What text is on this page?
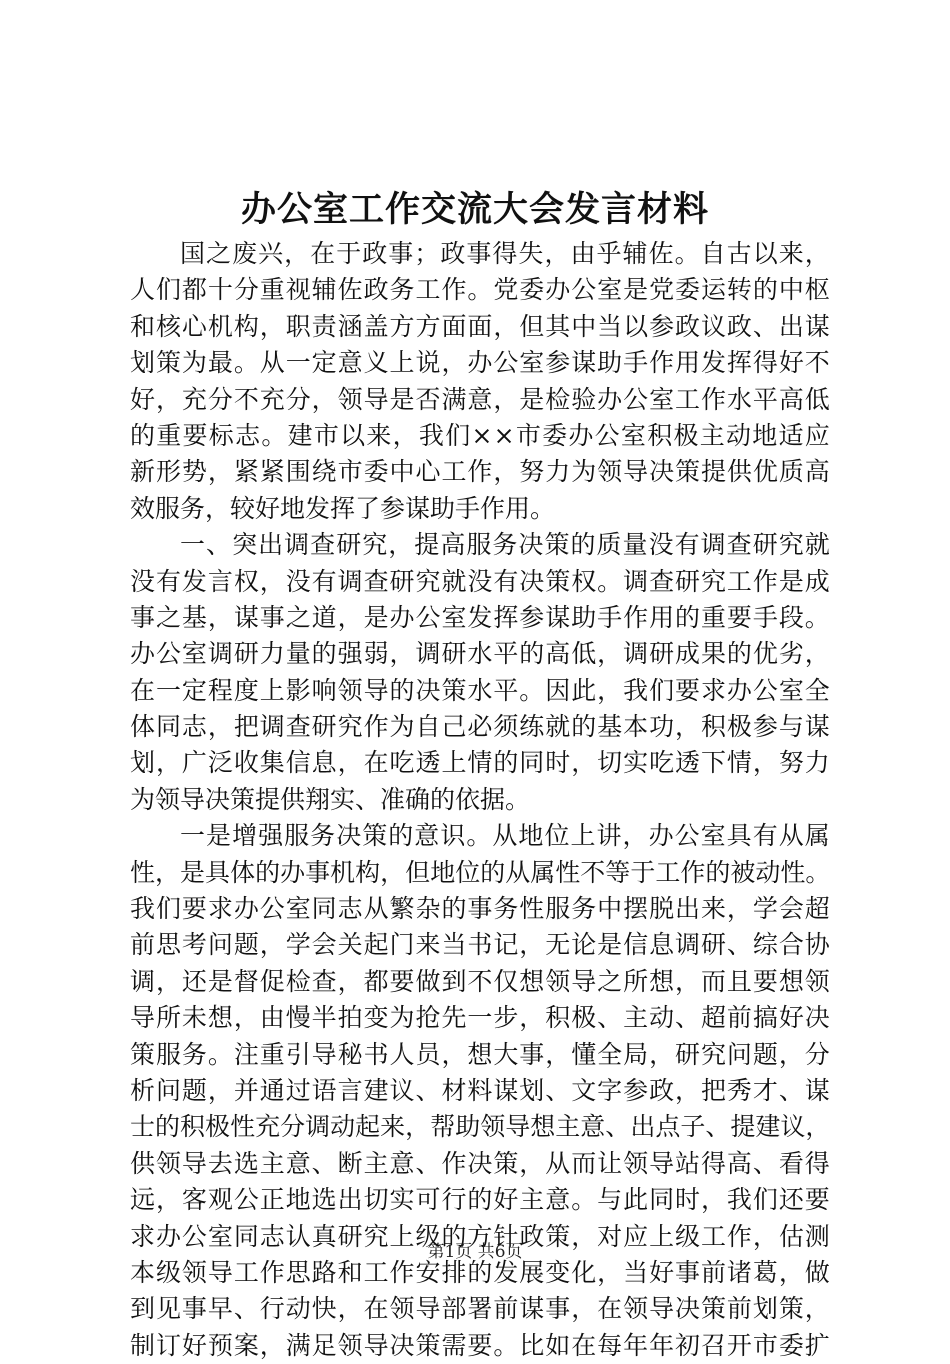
办公室工作交流大会发言材料
国 之 废 兴 ， 在 于 政 事 ； 政 事 得 失 ， 由 乎 辅 佐 。 自 古 以 来 ，
人 们 都 十 分 重 视 辅 佐 政 务 工 作 。 党 委 办 公 室 是 党 委 运 转 的 中 枢
和 核 心 机 构 ， 职 责 涵 盖 方 方 面 面 ， 但 其 中 当 以 参 政 议 政 、 出 谋
划 策 为 最 。 从 一 定 意 义 上 说 ， 办 公 室 参 谋 助 手 作 用 发 挥 得 好 不
好 ， 充 分 不 充 分 ， 领 导 是 否 满 意 ， 是 检 验 办 公 室 工 作 水 平 高 低
的 重 要 标 志 。 建 市 以 来 ， 我 们 × × 市 委 办 公 室 积 极 主 动 地 适 应
新 形 势 ， 紧 紧 围 绕 市 委 中 心 工 作 ， 努 力 为 领 导 决 策 提 供 优 质 高
效服务，较好地发挥了参谋助手作用。
一 、 突 出 调 查 研 究 ， 提 高 服 务 决 策 的 质 量 没 有 调 查 研 究 就
没 有 发 言 权 ， 没 有 调 查 研 究 就 没 有 决 策 权 。 调 查 研 究 工 作 是 成
事 之 基 ， 谋 事 之 道 ， 是 办 公 室 发 挥 参 谋 助 手 作 用 的 重 要 手 段 。
办 公 室 调 研 力 量 的 强 弱 ， 调 研 水 平 的 高 低 ， 调 研 成 果 的 优 劣 ，
在 一 定 程 度 上 影 响 领 导 的 决 策 水 平 。 因 此 ， 我 们 要 求 办 公 室 全
体 同 志 ， 把 调 查 研 究 作 为 自 己 必 须 练 就 的 基 本 功 ， 积 极 参 与 谋
划 ， 广 泛 收 集 信 息 ， 在 吃 透 上 情 的 同 时 ， 切 实 吃 透 下 情 ， 努 力
为领导决策提供翔实、准确的依据。
一 是 增 强 服 务 决 策 的 意 识 。 从 地 位 上 讲 ， 办 公 室 具 有 从 属
性 ， 是 具 体 的 办 事 机 构 ， 但 地 位 的 从 属 性 不 等 于 工 作 的 被 动 性 。
我 们 要 求 办 公 室 同 志 从 繁 杂 的 事 务 性 服 务 中 摆 脱 出 来 ， 学 会 超
前 思 考 问 题 ， 学 会 关 起 门 来 当 书 记 ， 无 论 是 信 息 调 研 、 综 合 协
调 ， 还 是 督 促 检 查 ， 都 要 做 到 不 仅 想 领 导 之 所 想 ， 而 且 要 想 领
导 所 未 想 ， 由 慢 半 拍 变 为 抢 先 一 步 ， 积 极 、 主 动 、 超 前 搞 好 决
策 服 务 。 注 重 引 导 秘 书 人 员 ， 想 大 事 ， 懂 全 局 ， 研 究 问 题 ， 分
析 问 题 ， 并 通 过 语 言 建 议 、 材 料 谋 划 、 文 字 参 政 ， 把 秀 才 、 谋
士 的 积 极 性 充 分 调 动 起 来 ， 帮 助 领 导 想 主 意 、 出 点 子 、 提 建 议 ，
供 领 导 去 选 主 意 、 断 主 意 、 作 决 策 ， 从 而 让 领 导 站 得 高 、 看 得
远 ， 客 观 公 正 地 选 出 切 实 可 行 的 好 主 意 。 与 此 同 时 ， 我 们 还 要
求 办 公 室 同 志 认 真 研 究 上 级 的 方 针 政 策 ， 对 应 上 级 工 作 ， 估 测
本 级 领 导 工 作 思 路 和 工 作 安 排 的 发 展 变 化 ， 当 好 事 前 诸 葛 ， 做
到 见 事 早 、 行 动 快 ， 在 领 导 部 署 前 谋 事 ， 在 领 导 决 策 前 划 策 ，
制 订 好 预 案 ， 满 足 领 导 决 策 需 要 。 比 如 在 每 年 年 初 召 开 市 委 扩
第1页 共6页
